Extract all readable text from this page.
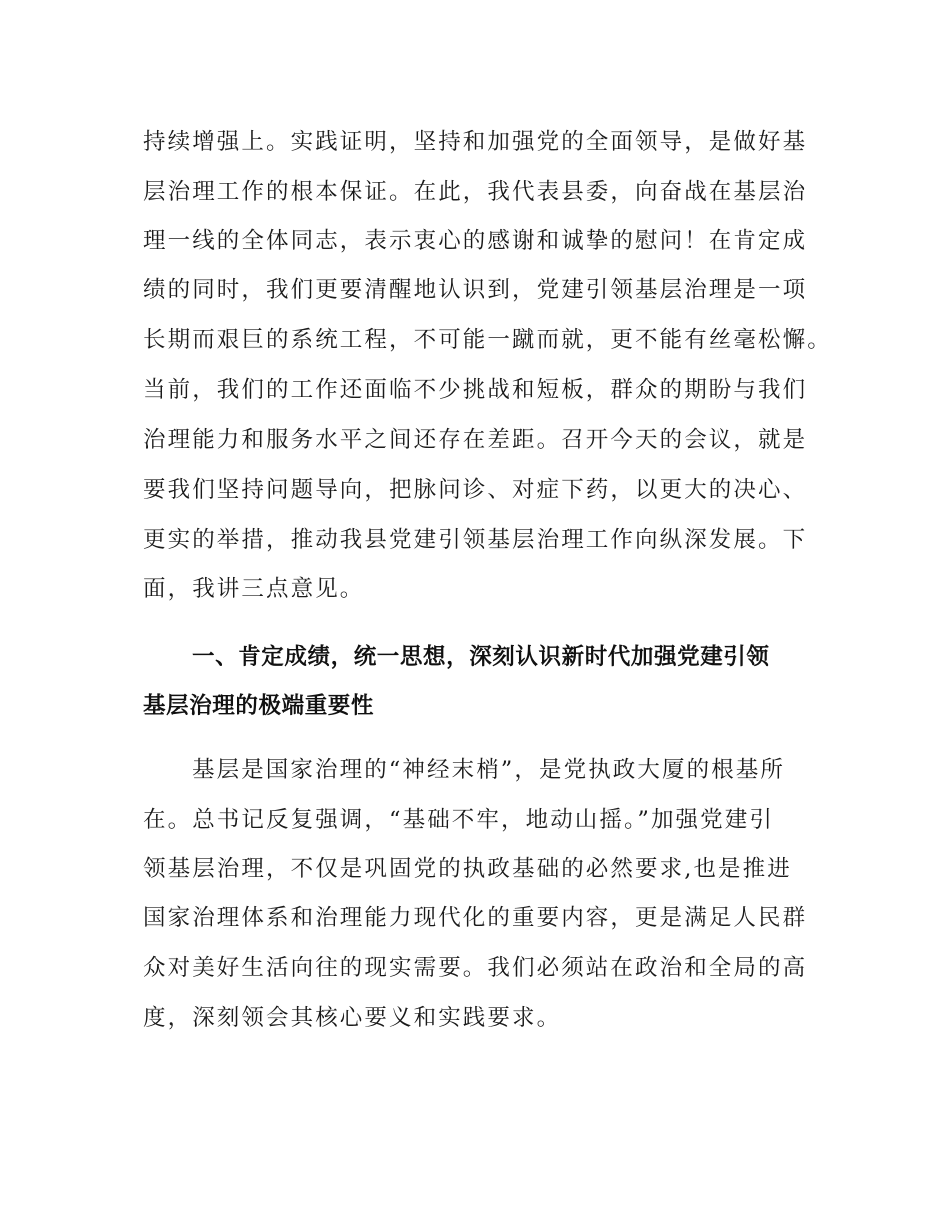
持续增强上。实践证明，坚持和加强党的全面领导，是做好基
层治理工作的根本保证。在此，我代表县委，向奋战在基层治
理一线的全体同志，表示衷心的感谢和诚挚的慰问！在肯定成
绩的同时，我们更要清醒地认识到，党建引领基层治理是一项
长期而艰巨的系统工程，不可能一蹴而就，更不能有丝毫松懈。
当前，我们的工作还面临不少挑战和短板，群众的期盼与我们
治理能力和服务水平之间还存在差距。召开今天的会议，就是
要我们坚持问题导向，把脉问诊、对症下药，以更大的决心、
更实的举措，推动我县党建引领基层治理工作向纵深发展。下
面，我讲三点意见。
一、肯定成绩，统一思想，深刻认识新时代加强党建引领
基层治理的极端重要性
基层是国家治理的“神经末梢”，是党执政大厦的根基所
在。总书记反复强调，“基础不牢，地动山摇。”加强党建引
领基层治理，不仅是巩固党的执政基础的必然要求,也是推进
国家治理体系和治理能力现代化的重要内容，更是满足人民群
众对美好生活向往的现实需要。我们必须站在政治和全局的高
度，深刻领会其核心要义和实践要求。
